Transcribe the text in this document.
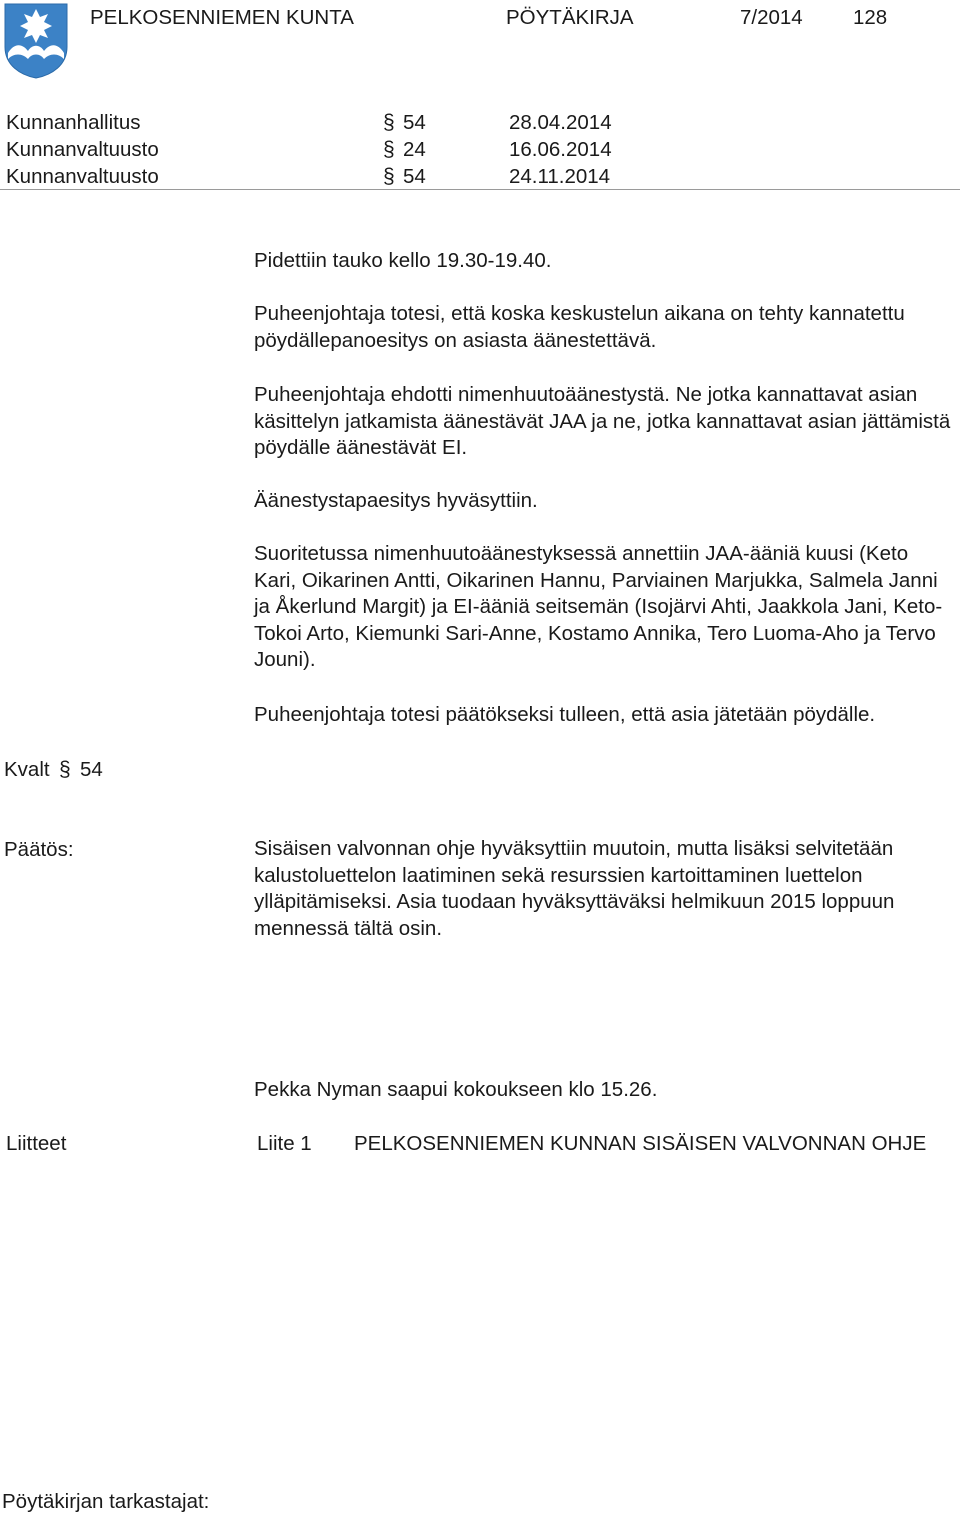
PELKOSENNIEMEN KUNTA	PÖYTÄKIRJA	7/2014 128
Kunnanhallitus	§ 54	28.04.2014
Kunnanvaltuusto	§ 24	16.06.2014
Kunnanvaltuusto	§ 54	24.11.2014
Pidettiin tauko kello 19.30-19.40.
Puheenjohtaja totesi, että koska keskustelun aikana on tehty kannatettu pöydällepanoesitys on asiasta äänestettävä.
Puheenjohtaja ehdotti nimenhuutoäänestystä. Ne jotka kannattavat asian käsittelyn jatkamista äänestävät JAA ja ne, jotka kannattavat asian jättämistä pöydälle äänestävät EI.
Äänestystapaesitys hyväsyttiin.
Suoritetussa nimenhuutoäänestyksessä annettiin JAA-ääniä kuusi (Keto Kari, Oikarinen Antti, Oikarinen Hannu, Parviainen Marjukka, Salmela Janni ja Åkerlund Margit) ja EI-ääniä seitsemän (Isojärvi Ahti, Jaakkola Jani, Keto-Tokoi Arto, Kiemunki Sari-Anne, Kostamo Annika, Tero Luoma-Aho ja Tervo Jouni).
Puheenjohtaja totesi päätökseksi tulleen, että asia jätetään pöydälle.
Kvalt § 54
Päätös:	Sisäisen valvonnan ohje hyväksyttiin muutoin, mutta lisäksi selvitetään kalustoluettelon laatiminen sekä resurssien kartoittaminen luettelon ylläpitämiseksi. Asia tuodaan hyväksyttäväksi helmikuun 2015 loppuun mennessä tältä osin.
Pekka Nyman saapui kokoukseen klo 15.26.
Liitteet	Liite 1 PELKOSENNIEMEN KUNNAN SISÄISEN VALVONNAN OHJE
Pöytäkirjan tarkastajat:
